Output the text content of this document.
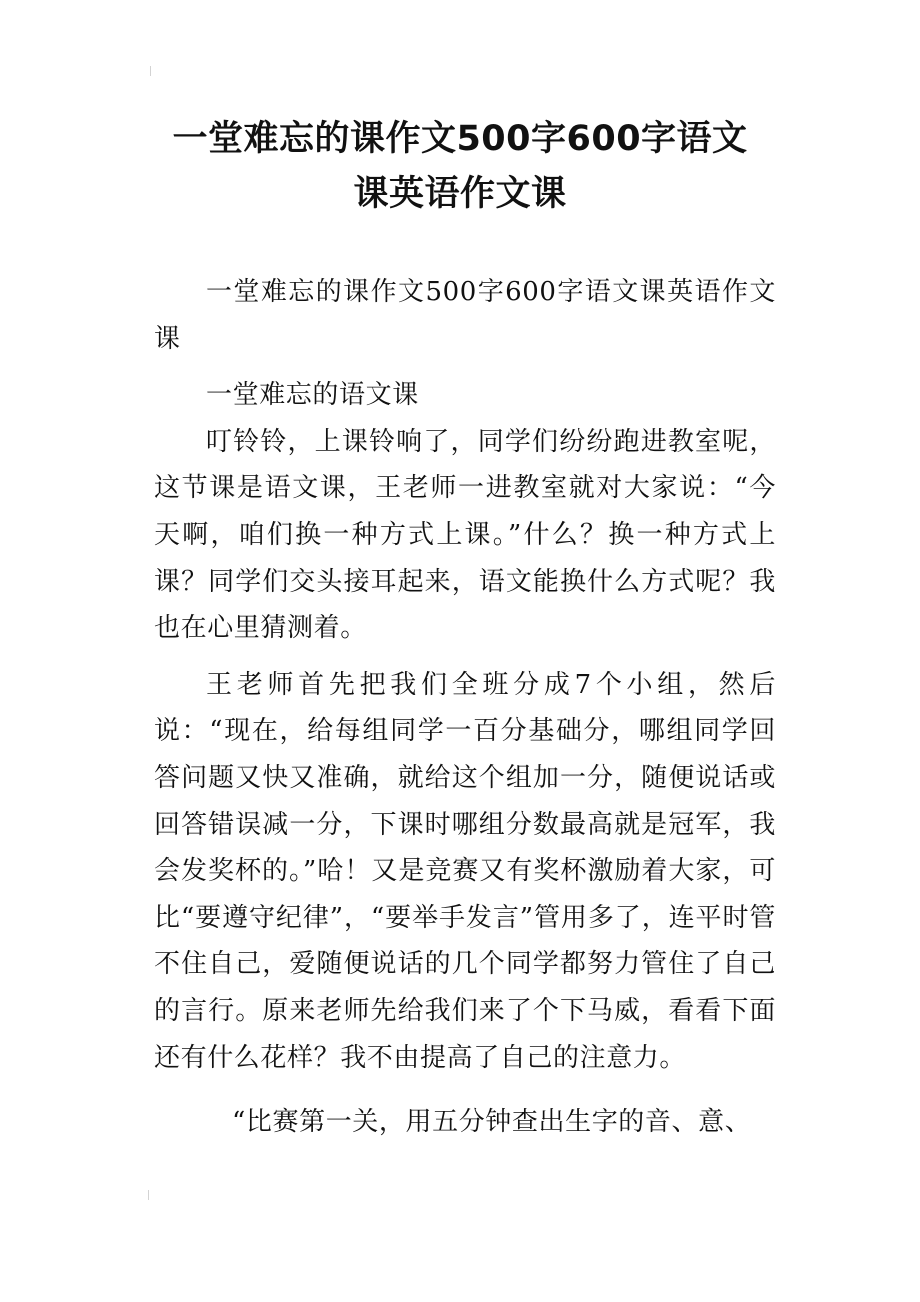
一堂难忘的课作文500字600字语文
课英语作文课

一堂难忘的课作文500字600字语文课英语作文课

一堂难忘的语文课

叮铃铃，上课铃响了，同学们纷纷跑进教室呢，这节课是语文课，王老师一进教室就对大家说：“今天啊，咱们换一种方式上课。”什么？换一种方式上课？同学们交头接耳起来，语文能换什么方式呢？我也在心里猜测着。

王老师首先把我们全班分成7个小组，然后说：“现在，给每组同学一百分基础分，哪组同学回答问题又快又准确，就给这个组加一分，随便说话或回答错误减一分，下课时哪组分数最高就是冠军，我会发奖杯的。”哈！又是竞赛又有奖杯激励着大家，可比“要遵守纪律”，“要举手发言”管用多了，连平时管不住自己，爱随便说话的几个同学都努力管住了自己的言行。原来老师先给我们来了个下马威，看看下面还有什么花样？我不由提高了自己的注意力。

“比赛第一关，用五分钟查出生字的音、意、
